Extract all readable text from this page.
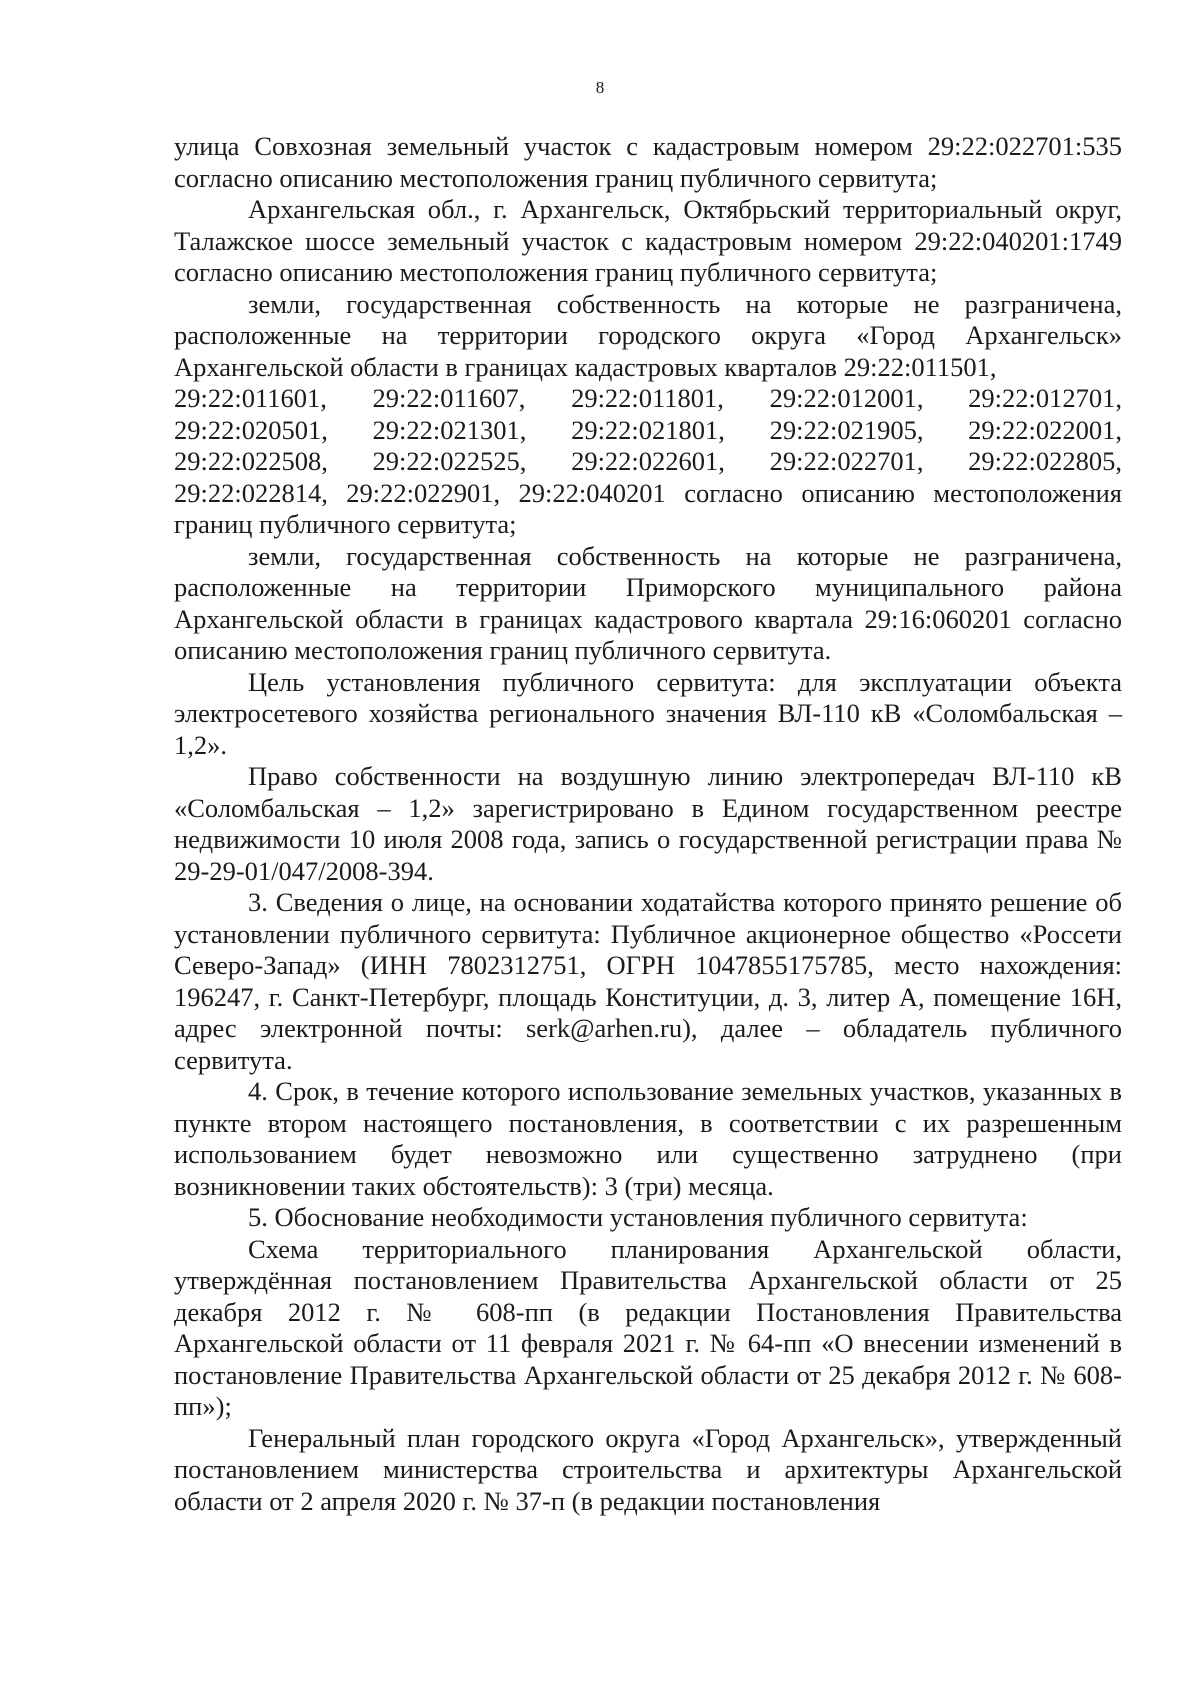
8

улица Совхозная земельный участок с кадастровым номером 29:22:022701:535 согласно описанию местоположения границ публичного сервитута;

Архангельская обл., г. Архангельск, Октябрьский территориальный округ, Талажское шоссе земельный участок с кадастровым номером 29:22:040201:1749 согласно описанию местоположения границ публичного сервитута;

земли, государственная собственность на которые не разграничена, расположенные на территории городского округа «Город Архангельск» Архангельской области в границах кадастровых кварталов 29:22:011501,

29:22:011601, 29:22:011607, 29:22:011801, 29:22:012001, 29:22:012701,
29:22:020501, 29:22:021301, 29:22:021801, 29:22:021905, 29:22:022001,
29:22:022508, 29:22:022525, 29:22:022601, 29:22:022701, 29:22:022805,

29:22:022814, 29:22:022901, 29:22:040201 согласно описанию местоположения границ публичного сервитута;

земли, государственная собственность на которые не разграничена, расположенные на территории Приморского муниципального района Архангельской области в границах кадастрового квартала 29:16:060201 согласно описанию местоположения границ публичного сервитута.

Цель установления публичного сервитута: для эксплуатации объекта электросетевого хозяйства регионального значения ВЛ-110 кВ «Соломбальская – 1,2».

Право собственности на воздушную линию электропередач ВЛ-110 кВ «Соломбальская – 1,2» зарегистрировано в Едином государственном реестре недвижимости 10 июля 2008 года, запись о государственной регистрации права № 29-29-01/047/2008-394.

3. Сведения о лице, на основании ходатайства которого принято решение об установлении публичного сервитута: Публичное акционерное общество «Россети Северо-Запад» (ИНН 7802312751, ОГРН 1047855175785, место нахождения: 196247, г. Санкт-Петербург, площадь Конституции, д. 3, литер А, помещение 16Н, адрес электронной почты: serk@arhen.ru), далее – обладатель публичного сервитута.

4. Срок, в течение которого использование земельных участков, указанных в пункте втором настоящего постановления, в соответствии с их разрешенным использованием будет невозможно или существенно затруднено (при возникновении таких обстоятельств): 3 (три) месяца.

5. Обоснование необходимости установления публичного сервитута:

Схема территориального планирования Архангельской области, утверждённая постановлением Правительства Архангельской области от 25 декабря 2012 г. № 608-пп (в редакции Постановления Правительства Архангельской области от 11 февраля 2021 г. № 64-пп «О внесении изменений в постановление Правительства Архангельской области от 25 декабря 2012 г. № 608-пп»);

Генеральный план городского округа «Город Архангельск», утвержденный постановлением министерства строительства и архитектуры Архангельской области от 2 апреля 2020 г. № 37-п (в редакции постановления
